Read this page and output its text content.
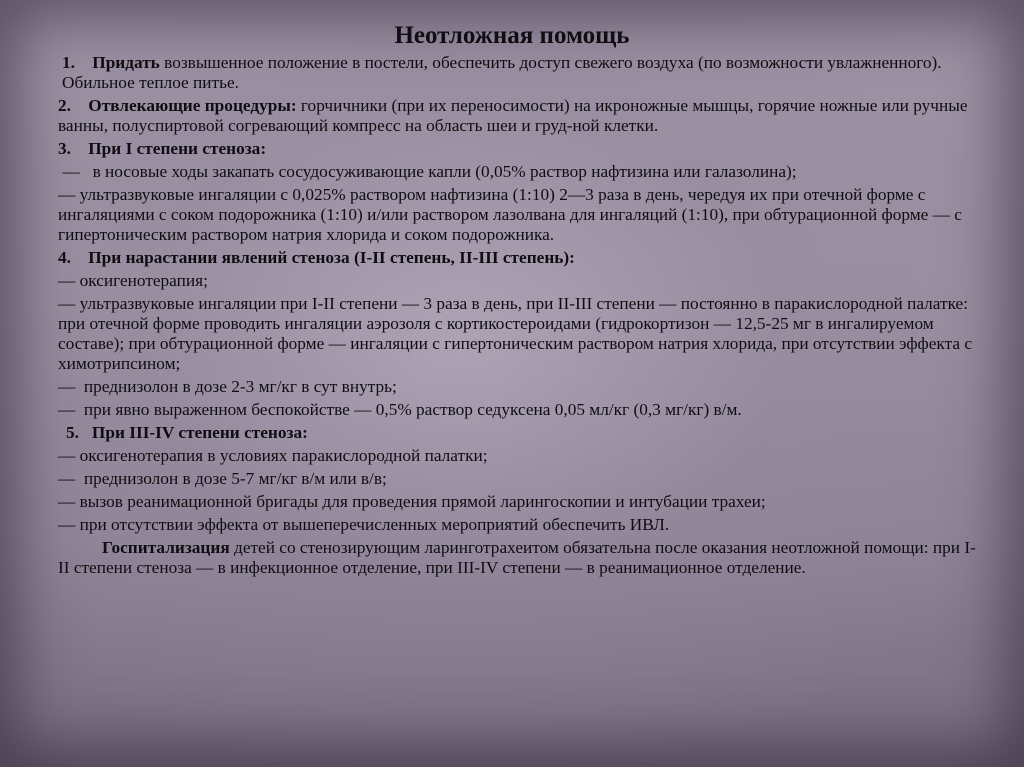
Неотложная помощь

1.    Придать возвышенное положение в постели, обеспечить доступ свежего воздуха (по возможности увлажненного). Обильное теплое питье.

2.    Отвлекающие процедуры: горчичники (при их переносимости) на икроножные мышцы, горячие ножные или ручные ванны, полуспиртовой согревающий компресс на область шеи и груд-ной клетки.

3.    При I степени стеноза:

—   в носовые ходы закапать сосудосуживающие капли (0,05% раствор нафтизина или галазолина);

— ультразвуковые ингаляции с 0,025% раствором нафтизина (1:10) 2—3 раза в день, чередуя их при отечной форме с ингаляциями с соком подорожника (1:10) и/или раствором лазолвана для ингаляций (1:10), при обтурационной форме — с гипертоническим раствором натрия хлорида и соком подорожника.

4.    При нарастании явлений стеноза (I-II степень, II-III степень):

— оксигенотерапия;

— ультразвуковые ингаляции при I-II степени — 3 раза в день, при II-III степени — постоянно в паракислородной палатке: при отечной форме проводить ингаляции аэрозоля с кортикостероидами (гидрокортизон — 12,5-25 мг в ингалируемом составе); при обтурационной форме — ингаляции с гипертоническим раствором натрия хлорида, при отсутствии эффекта с химотрипсином;

—  преднизолон в дозе 2-3 мг/кг в сут внутрь;

—  при явно выраженном беспокойстве — 0,5% раствор седуксена 0,05 мл/кг (0,3 мг/кг) в/м.

5.   При III-IV степени стеноза:

— оксигенотерапия в условиях паракислородной палатки;

—  преднизолон в дозе 5-7 мг/кг в/м или в/в;

— вызов реанимационной бригады для проведения прямой ларингоскопии и интубации трахеи;

— при отсутствии эффекта от вышеперечисленных мероприятий обеспечить ИВЛ.

Госпитализация детей со стенозирующим ларинготрахеитом обязательна после оказания неотложной помощи: при I-II степени стеноза — в инфекционное отделение, при III-IV степени — в реанимационное отделение.
